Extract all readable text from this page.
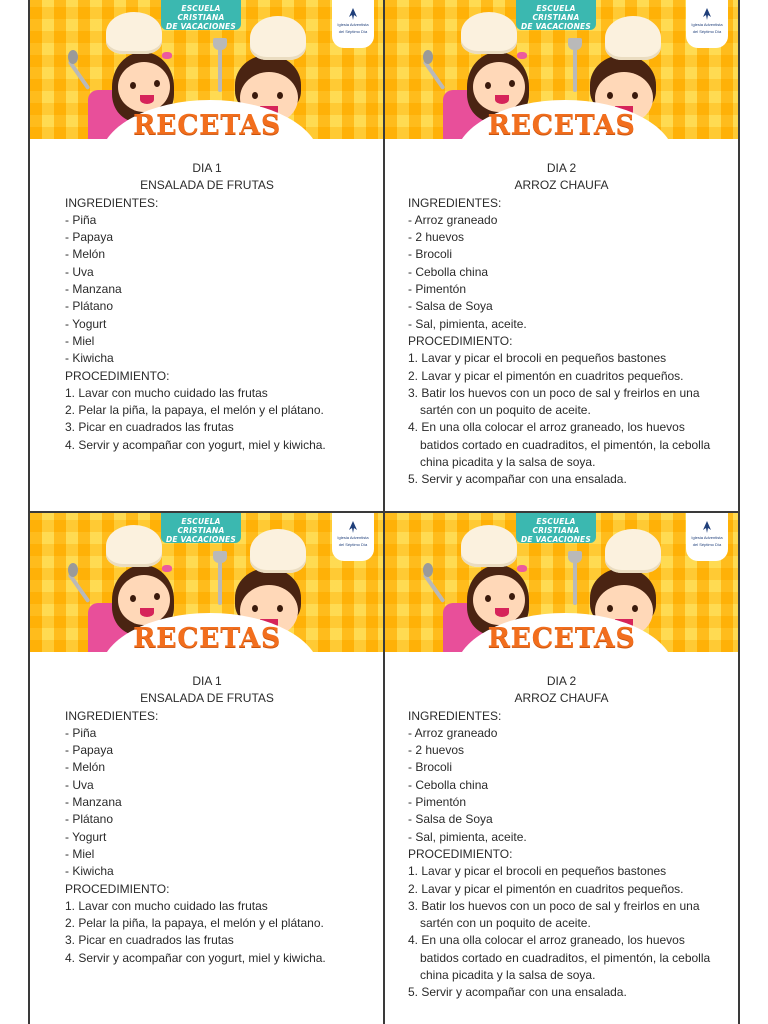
ESCUELA CRISTIANA
DE VACACIONES	Iglesia Adventista
del Séptimo Día
RECETAS
DIA 1
ENSALADA DE FRUTAS
INGREDIENTES:
- Piña
- Papaya
- Melón
- Uva
- Manzana
- Plátano
- Yogurt
- Miel
- Kiwicha
PROCEDIMIENTO:
1. Lavar con mucho cuidado las frutas
2. Pelar la piña, la papaya, el melón y el plátano.
3. Picar en cuadrados las frutas
4. Servir y acompañar con yogurt, miel y kiwicha.
ESCUELA CRISTIANA
DE VACACIONES	Iglesia Adventista
del Séptimo Día
RECETAS
DIA 2
ARROZ CHAUFA
INGREDIENTES:
- Arroz graneado
- 2 huevos
- Brocoli
- Cebolla china
- Pimentón
- Salsa de Soya
- Sal, pimienta, aceite.
PROCEDIMIENTO:
1. Lavar y picar el brocoli en pequeños bastones
2. Lavar y picar el pimentón en cuadritos pequeños.
3. Batir los huevos con un poco de sal y freirlos en una sartén con un poquito de aceite.
4. En una olla colocar el arroz graneado, los huevos batidos cortado en cuadraditos, el pimentón, la cebolla china picadita y la salsa de soya.
5. Servir y acompañar con una ensalada.
ESCUELA CRISTIANA
DE VACACIONES	Iglesia Adventista
del Séptimo Día
RECETAS
DIA 1
ENSALADA DE FRUTAS
INGREDIENTES:
- Piña
- Papaya
- Melón
- Uva
- Manzana
- Plátano
- Yogurt
- Miel
- Kiwicha
PROCEDIMIENTO:
1. Lavar con mucho cuidado las frutas
2. Pelar la piña, la papaya, el melón y el plátano.
3. Picar en cuadrados las frutas
4. Servir y acompañar con yogurt, miel y kiwicha.
ESCUELA CRISTIANA
DE VACACIONES	Iglesia Adventista
del Séptimo Día
RECETAS
DIA 2
ARROZ CHAUFA
INGREDIENTES:
- Arroz graneado
- 2 huevos
- Brocoli
- Cebolla china
- Pimentón
- Salsa de Soya
- Sal, pimienta, aceite.
PROCEDIMIENTO:
1. Lavar y picar el brocoli en pequeños bastones
2. Lavar y picar el pimentón en cuadritos pequeños.
3. Batir los huevos con un poco de sal y freirlos en una sartén con un poquito de aceite.
4. En una olla colocar el arroz graneado, los huevos batidos cortado en cuadraditos, el pimentón, la cebolla china picadita y la salsa de soya.
5. Servir y acompañar con una ensalada.
